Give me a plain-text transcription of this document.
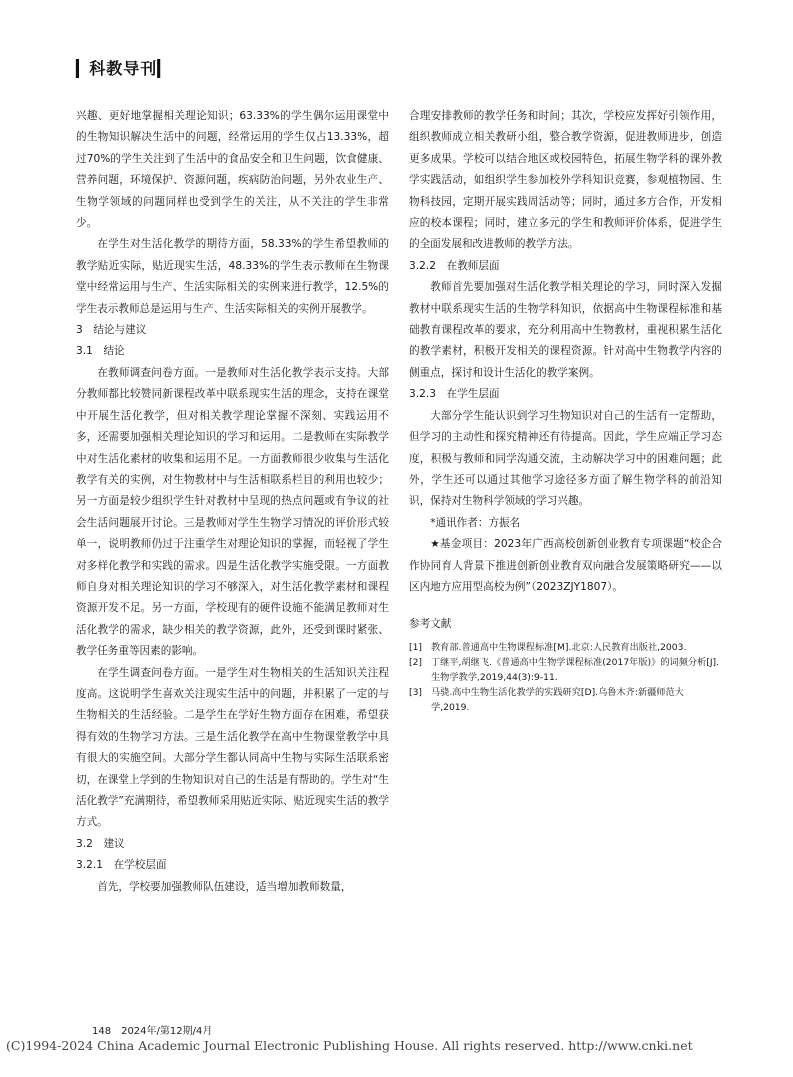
▎科教导刊▎

兴趣、更好地掌握相关理论知识；63.33%的学生偶尔运用课堂中的生物知识解决生活中的问题，经常运用的学生仅占13.33%，超过70%的学生关注到了生活中的食品安全和卫生问题，饮食健康、营养问题，环境保护、资源问题，疾病防治问题，另外农业生产、生物学领域的问题同样也受到学生的关注，从不关注的学生非常少。

在学生对生活化教学的期待方面，58.33%的学生希望教师的教学贴近实际，贴近现实生活，48.33%的学生表示教师在生物课堂中经常运用与生产、生活实际相关的实例来进行教学，12.5%的学生表示教师总是运用与生产、生活实际相关的实例开展教学。

3　结论与建议

3.1　结论

在教师调查问卷方面。一是教师对生活化教学表示支持。大部分教师都比较赞同新课程改革中联系现实生活的理念，支持在课堂中开展生活化教学，但对相关教学理论掌握不深刻、实践运用不多，还需要加强相关理论知识的学习和运用。二是教师在实际教学中对生活化素材的收集和运用不足。一方面教师很少收集与生活化教学有关的实例，对生物教材中与生活相联系栏目的利用也较少；另一方面是较少组织学生针对教材中呈现的热点问题或有争议的社会生活问题展开讨论。三是教师对学生生物学习情况的评价形式较单一，说明教师仍过于注重学生对理论知识的掌握，而轻视了学生对多样化教学和实践的需求。四是生活化教学实施受限。一方面教师自身对相关理论知识的学习不够深入，对生活化教学素材和课程资源开发不足。另一方面，学校现有的硬件设施不能满足教师对生活化教学的需求，缺少相关的教学资源，此外，还受到课时紧张、教学任务重等因素的影响。

在学生调查问卷方面。一是学生对生物相关的生活知识关注程度高。这说明学生喜欢关注现实生活中的问题，并积累了一定的与生物相关的生活经验。二是学生在学好生物方面存在困难，希望获得有效的生物学习方法。三是生活化教学在高中生物课堂教学中具有很大的实施空间。大部分学生都认同高中生物与实际生活联系密切，在课堂上学到的生物知识对自己的生活是有帮助的。学生对“生活化教学”充满期待，希望教师采用贴近实际、贴近现实生活的教学方式。

3.2　建议

3.2.1　在学校层面

首先，学校要加强教师队伍建设，适当增加教师数量，

合理安排教师的教学任务和时间；其次，学校应发挥好引领作用，组织教师成立相关教研小组，整合教学资源，促进教师进步，创造更多成果。学校可以结合地区或校园特色，拓展生物学科的课外教学实践活动，如组织学生参加校外学科知识竞赛，参观植物园、生物科技园，定期开展实践周活动等；同时，通过多方合作，开发相应的校本课程；同时，建立多元的学生和教师评价体系，促进学生的全面发展和改进教师的教学方法。

3.2.2　在教师层面

教师首先要加强对生活化教学相关理论的学习，同时深入发掘教材中联系现实生活的生物学科知识，依据高中生物课程标准和基础教育课程改革的要求，充分利用高中生物教材，重视积累生活化的教学素材，积极开发相关的课程资源。针对高中生物教学内容的侧重点，探讨和设计生活化的教学案例。

3.2.3　在学生层面

大部分学生能认识到学习生物知识对自己的生活有一定帮助，但学习的主动性和探究精神还有待提高。因此，学生应端正学习态度，积极与教师和同学沟通交流，主动解决学习中的困难问题；此外，学生还可以通过其他学习途径多方面了解生物学科的前沿知识，保持对生物科学领域的学习兴趣。

*通讯作者：方振名

★基金项目：2023年广西高校创新创业教育专项课题“校企合作协同育人背景下推进创新创业教育双向融合发展策略研究——以区内地方应用型高校为例”（2023ZJY1807）。

参考文献

[1] 教育部.普通高中生物课程标准[M].北京:人民教育出版社,2003.
[2] 丁继平,胡继飞.《普通高中生物学课程标准(2017年版)》的词频分析[J].生物学教学,2019,44(3):9-11.
[3] 马骁.高中生物生活化教学的实践研究[D].乌鲁木齐:新疆师范大学,2019.
148　2024年/第12期/4月
(C)1994-2024 China Academic Journal Electronic Publishing House. All rights reserved. http://www.cnki.net
